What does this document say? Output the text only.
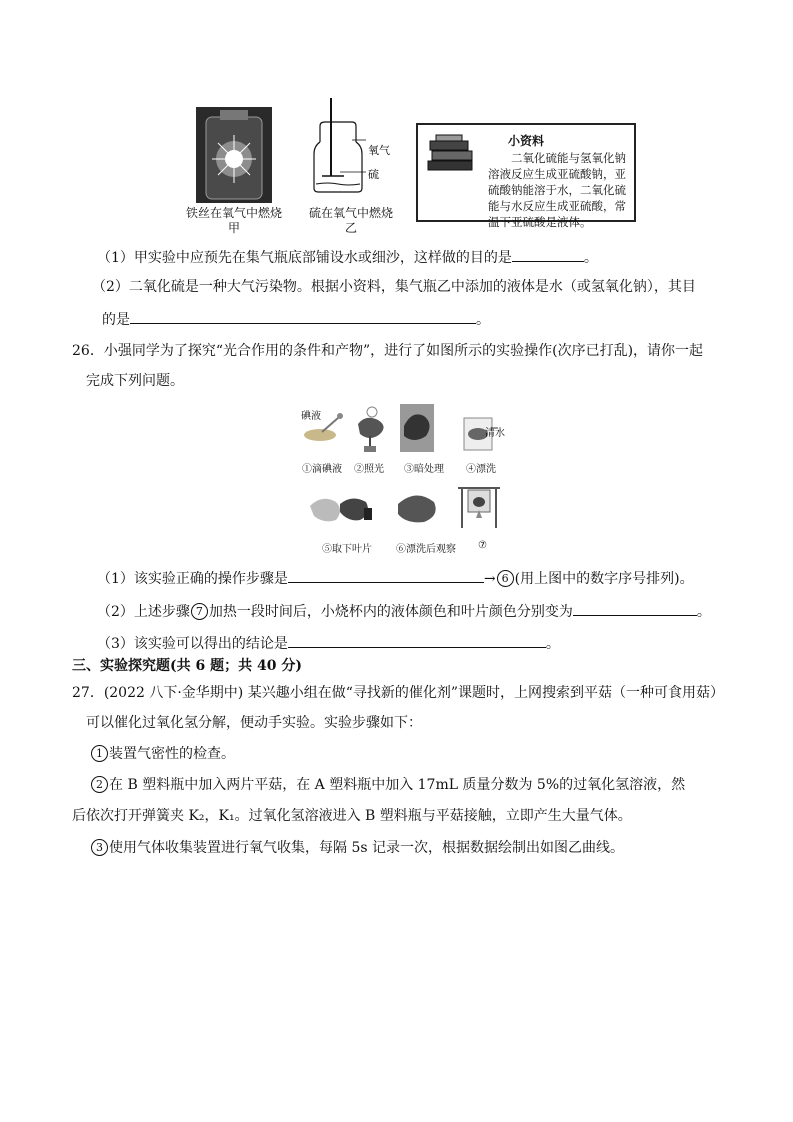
铁丝在氧气中燃烧
甲
氧气
硫
硫在氧气中燃烧
乙
小资料
二氧化硫能与氢氧化钠溶液反应生成亚硫酸钠，亚硫酸钠能溶于水，二氧化硫能与水反应生成亚硫酸，常温下亚硫酸是液体。
（1）甲实验中应预先在集气瓶底部铺设水或细沙，这样做的目的是	。
（2）二氧化硫是一种大气污染物。根据小资料，集气瓶乙中添加的液体是水（或氢氧化钠），其目
的是	。
26．小强同学为了探究“光合作用的条件和产物”，进行了如图所示的实验操作(次序已打乱)，请你一起
完成下列问题。
碘液
清水
①滴碘液 ②照光 ③暗处理 ④漂洗
⑤取下叶片 ⑥漂洗后观察 ⑦
（1）该实验正确的操作步骤是	→ 6 (用上图中的数字序号排列)。
（2）上述步骤 7 加热一段时间后，小烧杯内的液体颜色和叶片颜色分别变为	。
（3）该实验可以得出的结论是	。
三、实验探究题(共 6 题；共 40 分)
27．(2022 八下·金华期中) 某兴趣小组在做“寻找新的催化剂”课题时，上网搜索到平菇（一种可食用菇）
可以催化过氧化氢分解，便动手实验。实验步骤如下：
1 装置气密性的检查。
2 在 B 塑料瓶中加入两片平菇，在 A 塑料瓶中加入 17mL 质量分数为 5%的过氧化氢溶液，然
后依次打开弹簧夹 K₂，K₁。过氧化氢溶液进入 B 塑料瓶与平菇接触，立即产生大量气体。
3 使用气体收集装置进行氧气收集，每隔 5s 记录一次，根据数据绘制出如图乙曲线。
